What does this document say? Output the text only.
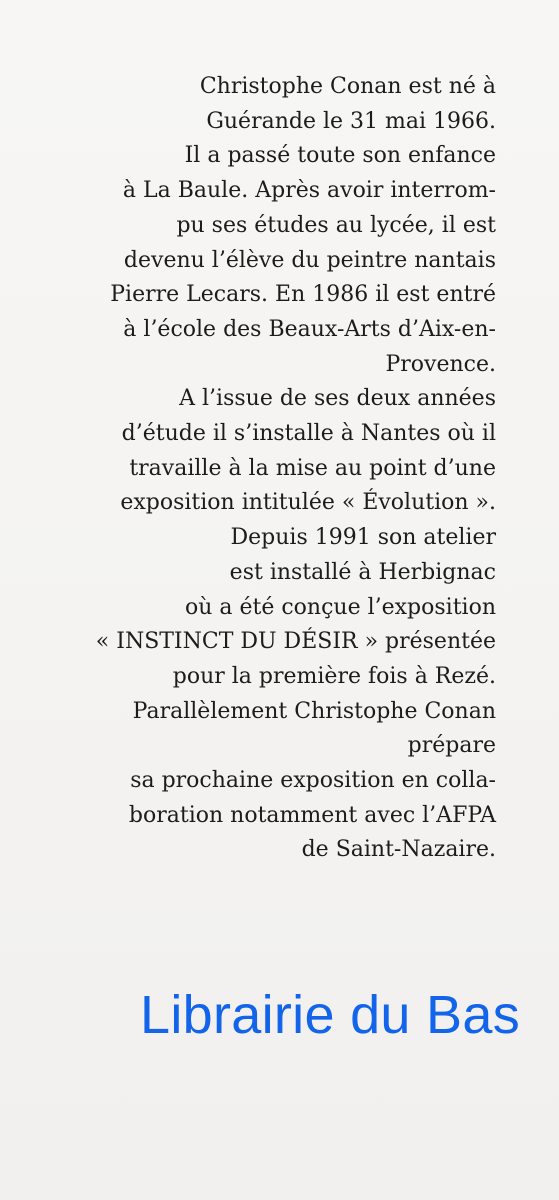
Christophe Conan est né à
Guérande le 31 mai 1966.
Il a passé toute son enfance
à La Baule. Après avoir interrom-
pu ses études au lycée, il est
devenu l’élève du peintre nantais
Pierre Lecars. En 1986 il est entré
à l’école des Beaux-Arts d’Aix-en-
Provence.
A l’issue de ses deux années
d’étude il s’installe à Nantes où il
travaille à la mise au point d’une
exposition intitulée « Évolution ».
Depuis 1991 son atelier
est installé à Herbignac
où a été conçue l’exposition
« INSTINCT DU DÉSIR » présentée
pour la première fois à Rezé.
Parallèlement Christophe Conan
prépare
sa prochaine exposition en colla-
boration notamment avec l’AFPA
de Saint-Nazaire.
Librairie du Bas
